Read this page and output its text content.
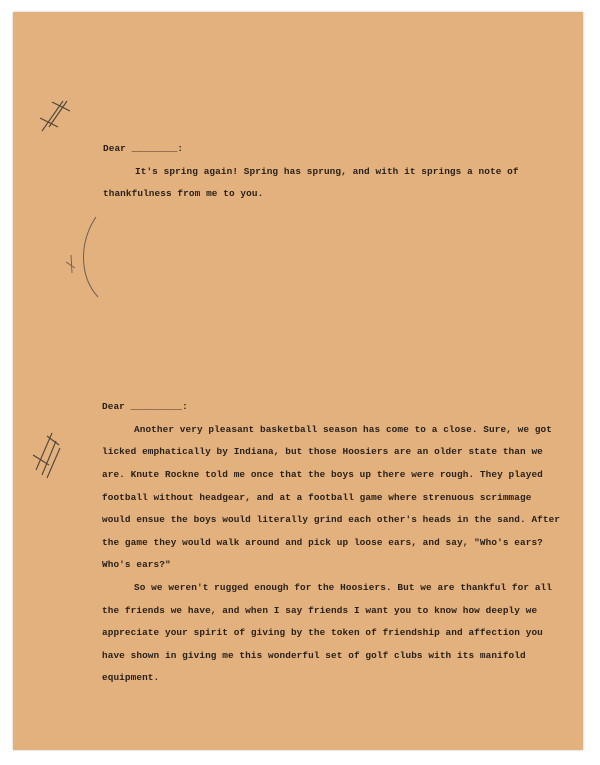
Dear ________:
It's spring again! Spring has sprung, and with it springs a note of
thankfulness from me to you.
Dear _________:
Another very pleasant basketball season has come to a close. Sure, we got
licked emphatically by Indiana, but those Hoosiers are an older state than we
are. Knute Rockne told me once that the boys up there were rough. They played
football without headgear, and at a football game where strenuous scrimmage
would ensue the boys would literally grind each other's heads in the sand. After
the game they would walk around and pick up loose ears, and say, "Who's ears?
Who's ears?"
So we weren't rugged enough for the Hoosiers. But we are thankful for all
the friends we have, and when I say friends I want you to know how deeply we
appreciate your spirit of giving by the token of friendship and affection you
have shown in giving me this wonderful set of golf clubs with its manifold
equipment.
